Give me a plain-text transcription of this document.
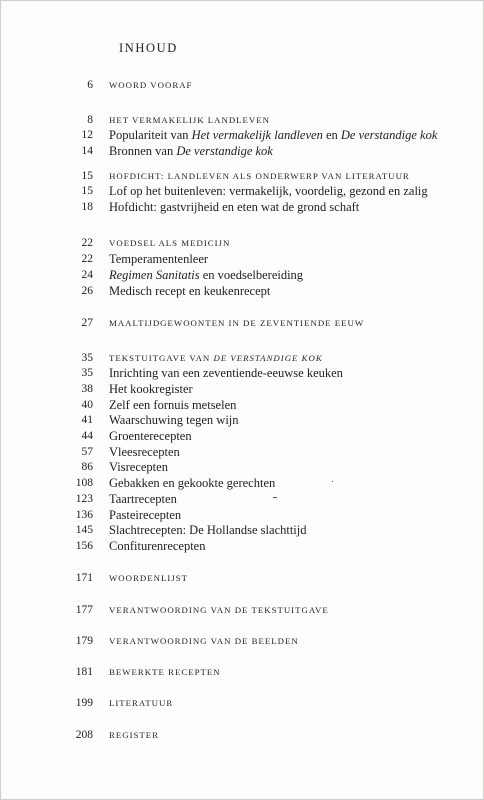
INHOUD
6 WOORD VOORAF
8 HET VERMAKELIJK LANDLEVEN
12 Populariteit van Het vermakelijk landleven en De verstandige kok
14 Bronnen van De verstandige kok
15 HOFDICHT: LANDLEVEN ALS ONDERWERP VAN LITERATUUR
15 Lof op het buitenleven: vermakelijk, voordelig, gezond en zalig
18 Hofdicht: gastvrijheid en eten wat de grond schaft
22 VOEDSEL ALS MEDICIJN
22 Temperamentenleer
24 Regimen Sanitatis en voedselbereiding
26 Medisch recept en keukenrecept
27 MAALTIJDGEWOONTEN IN DE ZEVENTIENDE EEUW
35 TEKSTUITGAVE VAN DE VERSTANDIGE KOK
35 Inrichting van een zeventiende-eeuwse keuken
38 Het kookregister
40 Zelf een fornuis metselen
41 Waarschuwing tegen wijn
44 Groenterecepten
57 Vleesrecepten
86 Visrecepten
108 Gebakken en gekookte gerechten
123 Taartrecepten
136 Pasteirecepten
145 Slachtrecepten: De Hollandse slachttijd
156 Confiturenrecepten
171 WOORDENLIJST
177 VERANTWOORDING VAN DE TEKSTUITGAVE
179 VERANTWOORDING VAN DE BEELDEN
181 BEWERKTE RECEPTEN
199 LITERATUUR
208 REGISTER
